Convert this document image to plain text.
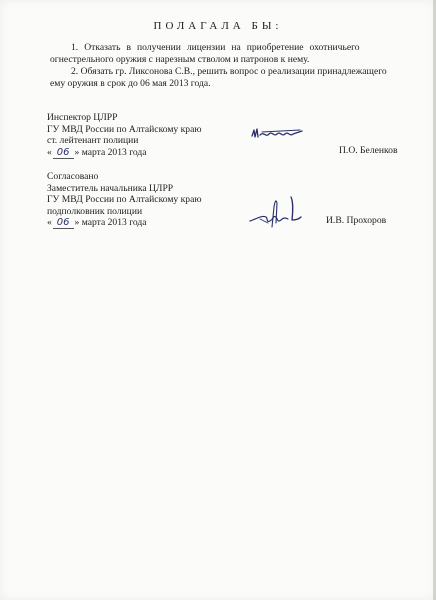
ПОЛАГАЛА БЫ:
1. Отказать в получении лицензии на приобретение охотничьего
огнестрельного оружия с нарезным стволом и патронов к нему.
2. Обязать гр. Ликсонова С.В., решить вопрос о реализации принадлежащего
ему оружия в срок до 06 мая 2013 года.
Инспектор ЦЛРР
ГУ МВД России по Алтайскому краю
ст. лейтенант полиции
« 06 » марта 2013 года	П.О. Беленков
Согласовано
Заместитель начальника ЦЛРР
ГУ МВД России по Алтайскому краю
подполковник полиции
« 06 » марта 2013 года	И.В. Прохоров
